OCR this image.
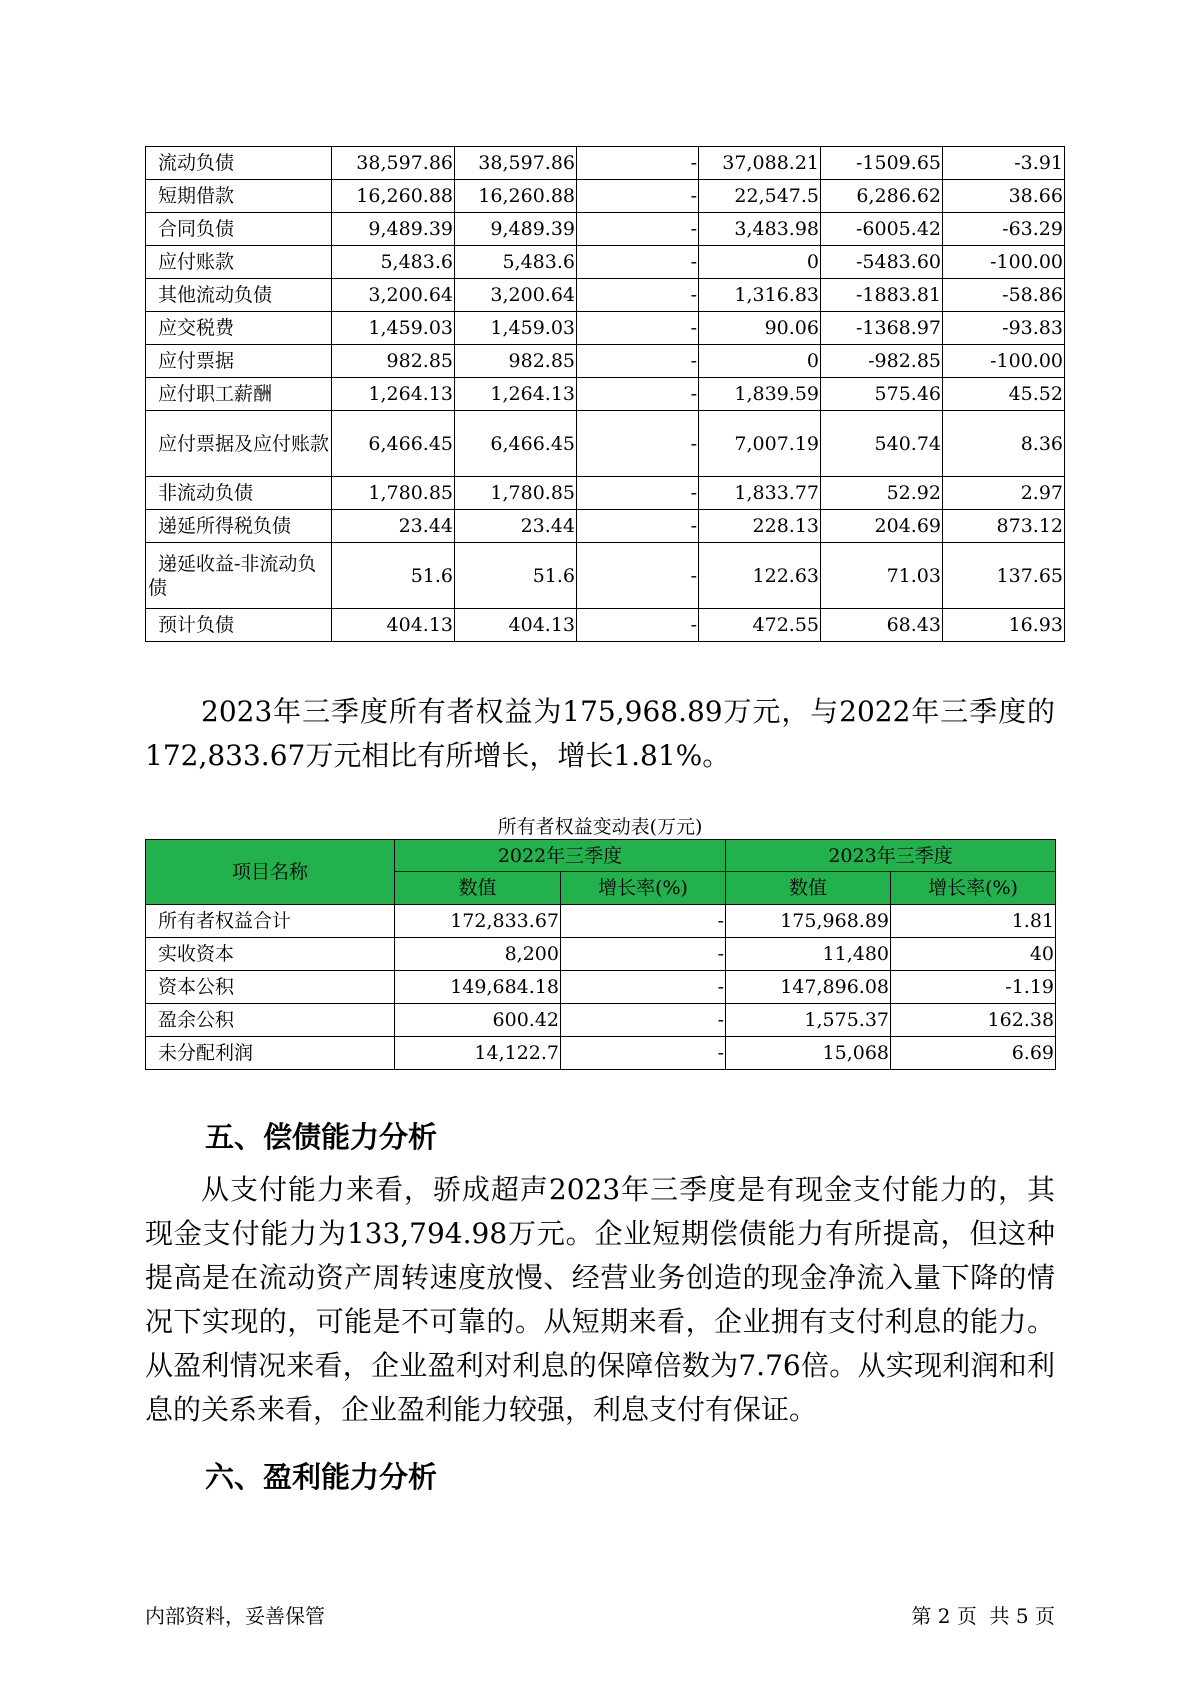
流动负债	38,597.86	38,597.86	-	37,088.21	-1509.65	-3.91
短期借款	16,260.88	16,260.88	-	22,547.5	6,286.62	38.66
合同负债	9,489.39	9,489.39	-	3,483.98	-6005.42	-63.29
应付账款	5,483.6	5,483.6	-	0	-5483.60	-100.00
其他流动负债	3,200.64	3,200.64	-	1,316.83	-1883.81	-58.86
应交税费	1,459.03	1,459.03	-	90.06	-1368.97	-93.83
应付票据	982.85	982.85	-	0	-982.85	-100.00
应付职工薪酬	1,264.13	1,264.13	-	1,839.59	575.46	45.52
应付票据及应付账款	6,466.45	6,466.45	-	7,007.19	540.74	8.36
非流动负债	1,780.85	1,780.85	-	1,833.77	52.92	2.97
递延所得税负债	23.44	23.44	-	228.13	204.69	873.12
递延收益-非流动负债	51.6	51.6	-	122.63	71.03	137.65
预计负债	404.13	404.13	-	472.55	68.43	16.93

2023年三季度所有者权益为175,968.89万元，与2022年三季度的172,833.67万元相比有所增长，增长1.81%。

所有者权益变动表(万元)
项目名称	2022年三季度		2023年三季度	
	数值	增长率(%)	数值	增长率(%)
所有者权益合计	172,833.67	-	175,968.89	1.81
实收资本	8,200	-	11,480	40
资本公积	149,684.18	-	147,896.08	-1.19
盈余公积	600.42	-	1,575.37	162.38
未分配利润	14,122.7	-	15,068	6.69
五、偿债能力分析

从支付能力来看，骄成超声2023年三季度是有现金支付能力的，其现金支付能力为133,794.98万元。企业短期偿债能力有所提高，但这种提高是在流动资产周转速度放慢、经营业务创造的现金净流入量下降的情况下实现的，可能是不可靠的。从短期来看，企业拥有支付利息的能力。从盈利情况来看，企业盈利对利息的保障倍数为7.76倍。从实现利润和利息的关系来看，企业盈利能力较强，利息支付有保证。

六、盈利能力分析
内部资料，妥善保管	第 2 页  共 5 页
